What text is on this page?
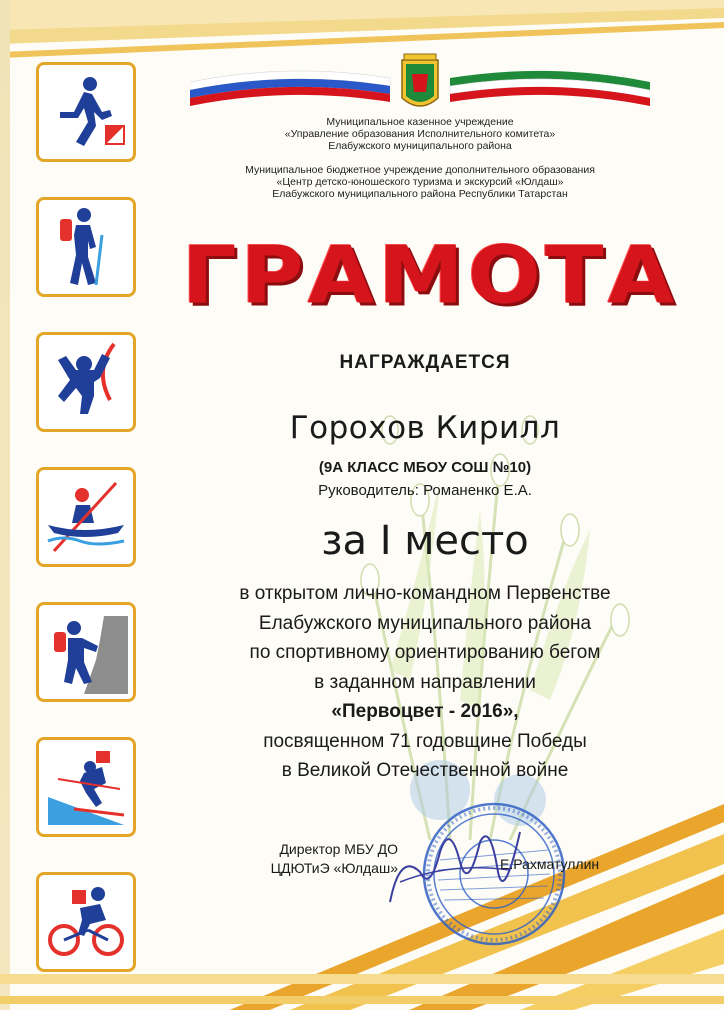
Муниципальное казенное учреждение
«Управление образования Исполнительного комитета»
Елабужского муниципального района
Муниципальное бюджетное учреждение дополнительного образования
«Центр детско-юношеского туризма и экскурсий «Юлдаш»
Елабужского муниципального района Республики Татарстан
ГРАМОТА
НАГРАЖДАЕТСЯ
Горохов Кирилл
(9А КЛАСС МБОУ СОШ №10)
Руководитель: Романенко Е.А.
за I место
в открытом лично-командном Первенстве
Елабужского муниципального района
по спортивному ориентированию бегом
в заданном направлении
«Первоцвет - 2016»,
посвященном 71 годовщине Победы
в Великой Отечественной войне
Директор МБУ ДО
ЦДЮТиЭ «Юлдаш»	Е.Рахматуллин
